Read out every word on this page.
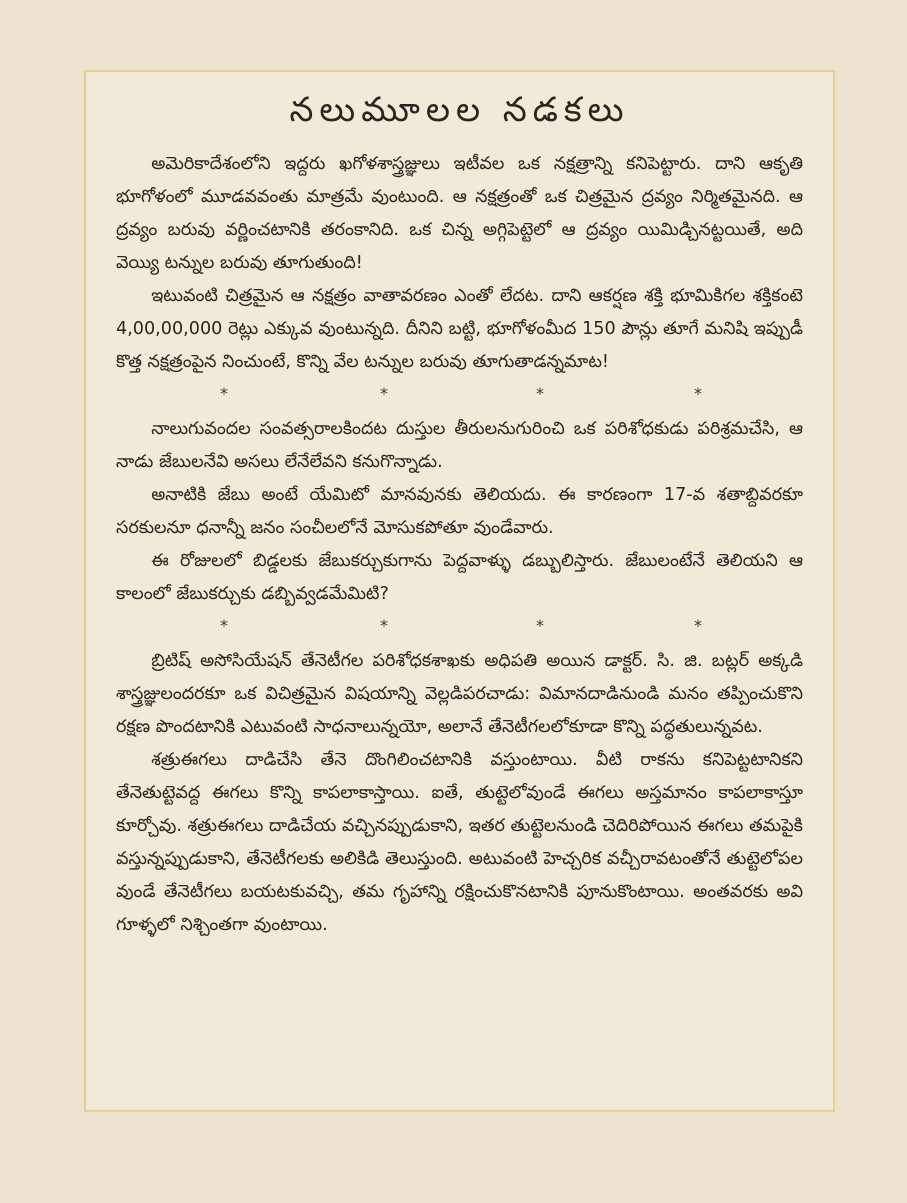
నలుమూలల నడకలు

అమెరికాదేశంలోని ఇద్దరు ఖగోళశాస్త్రజ్ఞులు ఇటీవల ఒక నక్షత్రాన్ని కనిపెట్టారు. దాని ఆకృతి భూగోళంలో మూడవవంతు మాత్రమే వుంటుంది. ఆ నక్షత్రంతో ఒక చిత్రమైన ద్రవ్యం నిర్మితమైనది. ఆ ద్రవ్యం బరువు వర్ణించటానికి తరంకానిది. ఒక చిన్న అగ్గిపెట్టెలో ఆ ద్రవ్యం యిమిడ్చినట్టయితే, అది వెయ్యి టన్నుల బరువు తూగుతుంది!

ఇటువంటి చిత్రమైన ఆ నక్షత్రం వాతావరణం ఎంతో లేదట. దాని ఆకర్షణ శక్తి భూమికిగల శక్తికంటె 4,00,00,000 రెట్లు ఎక్కువ వుంటున్నది. దీనిని బట్టి, భూగోళంమీద 150 పౌన్లు తూగే మనిషి ఇప్పుడీ కొత్త నక్షత్రంపైన నించుంటే, కొన్ని వేల టన్నుల బరువు తూగుతాడన్నమాట!

*	*	*	*

నాలుగువందల సంవత్సరాలకిందట దుస్తుల తీరులనుగురించి ఒక పరిశోధకుడు పరిశ్రమచేసి, ఆ నాడు జేబులనేవి అసలు లేనేలేవని కనుగొన్నాడు.

అనాటికి జేబు అంటే యేమిటో మానవునకు తెలియదు. ఈ కారణంగా 17-వ శతాబ్దివరకూ సరకులనూ ధనాన్నీ జనం సంచీలలోనే మోసుకపోతూ వుండేవారు.

ఈ రోజులలో బిడ్డలకు జేబుకర్చుకుగాను పెద్దవాళ్ళు డబ్బులిస్తారు. జేబులంటేనే తెలియని ఆ కాలంలో జేబుకర్చుకు డబ్బివ్వడమేమిటి?

*	*	*	*

బ్రిటిష్ అసోసియేషన్ తేనెటీగల పరిశోధకశాఖకు అధిపతి అయిన డాక్టర్. సి. జి. బట్లర్ అక్కడి శాస్త్రజ్ఞులందరకూ ఒక విచిత్రమైన విషయాన్ని వెల్లడిపరచాడు: విమానదాడినుండి మనం తప్పించుకొని రక్షణ పొందటానికి ఎటువంటి సాధనాలున్నయో, అలానే తేనెటీగలలోకూడా కొన్ని పద్ధతులున్నవట.

శత్రుఈగలు దాడిచేసి తేనె దొంగిలించటానికి వస్తుంటాయి. వీటి రాకను కనిపెట్టటానికని తేనెతుట్టెవద్ద ఈగలు కొన్ని కాపలాకాస్తాయి. ఐతే, తుట్టెలోవుండే ఈగలు అస్తమానం కాపలాకాస్తూ కూర్చోవు. శత్రుఈగలు దాడిచేయ వచ్చినప్పుడుకాని, ఇతర తుట్టెలనుండి చెదిరిపోయిన ఈగలు తమపైకి వస్తున్నప్పుడుకాని, తేనెటీగలకు అలికిడి తెలుస్తుంది. అటువంటి హెచ్చరిక వచ్చీరావటంతోనే తుట్టెలోపల వుండే తేనెటీగలు బయటకువచ్చి, తమ గృహాన్ని రక్షించుకొనటానికి పూనుకొంటాయి. అంతవరకు అవి గూళ్ళలో నిశ్చింతగా వుంటాయి.
